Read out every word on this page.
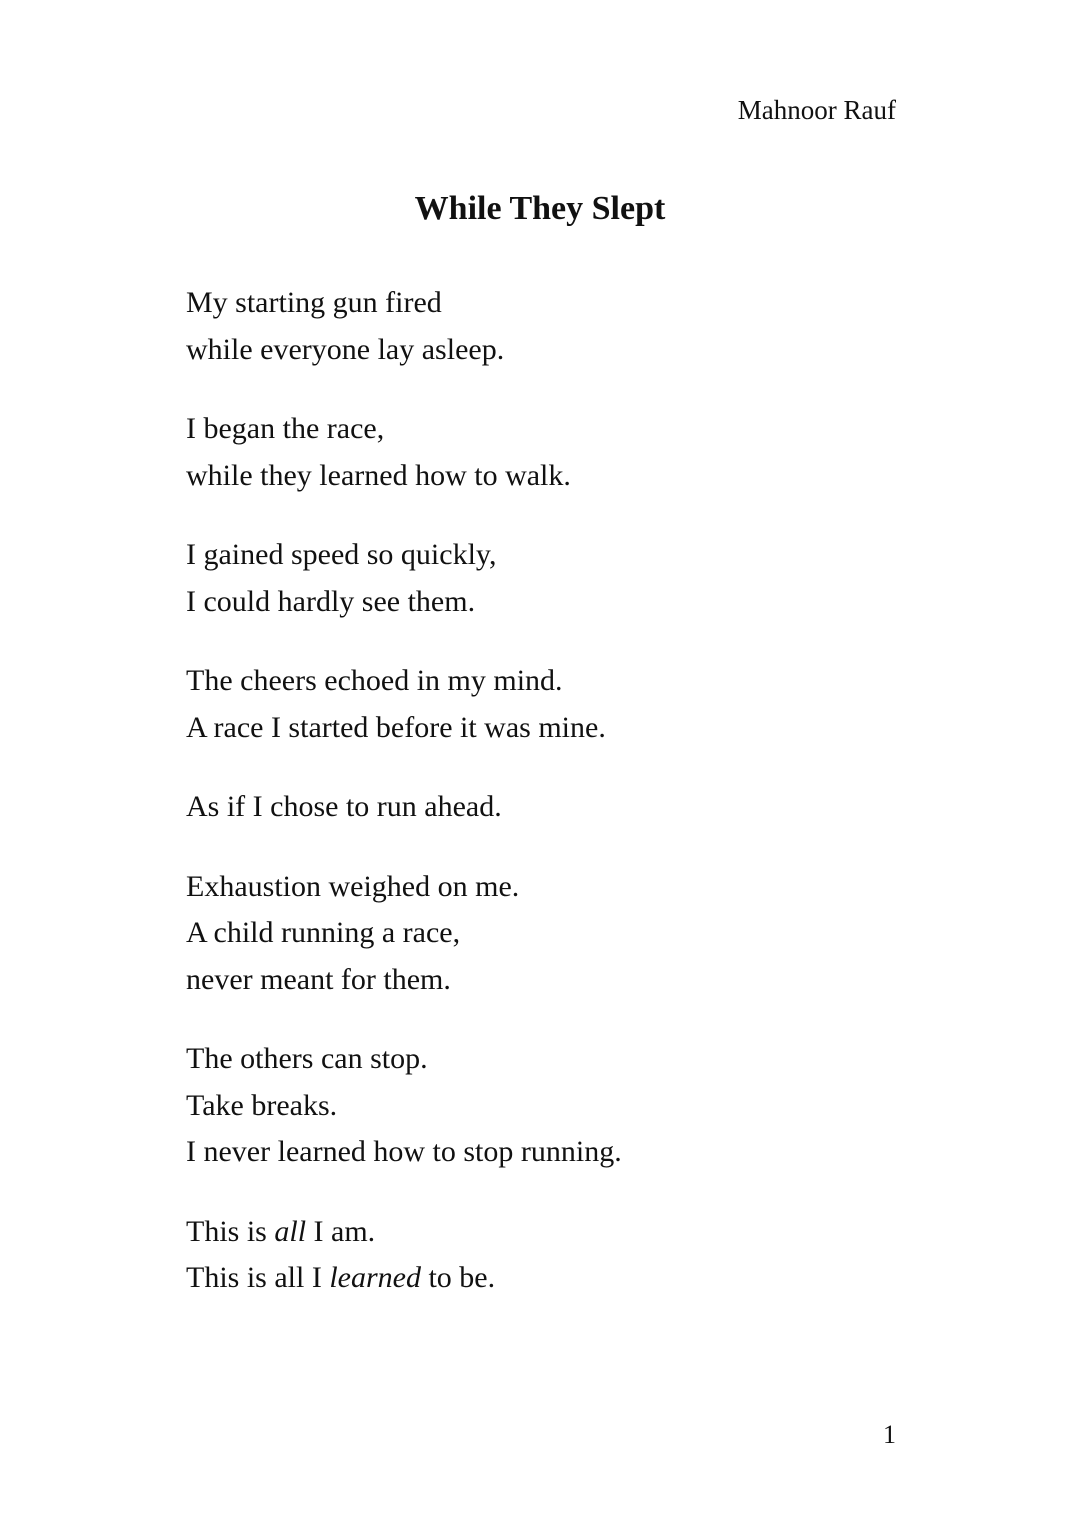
Mahnoor Rauf
While They Slept
My starting gun fired
while everyone lay asleep.
I began the race,
while they learned how to walk.
I gained speed so quickly,
I could hardly see them.
The cheers echoed in my mind.
A race I started before it was mine.
As if I chose to run ahead.
Exhaustion weighed on me.
A child running a race,
never meant for them.
The others can stop.
Take breaks.
I never learned how to stop running.
This is all I am.
This is all I learned to be.
1
